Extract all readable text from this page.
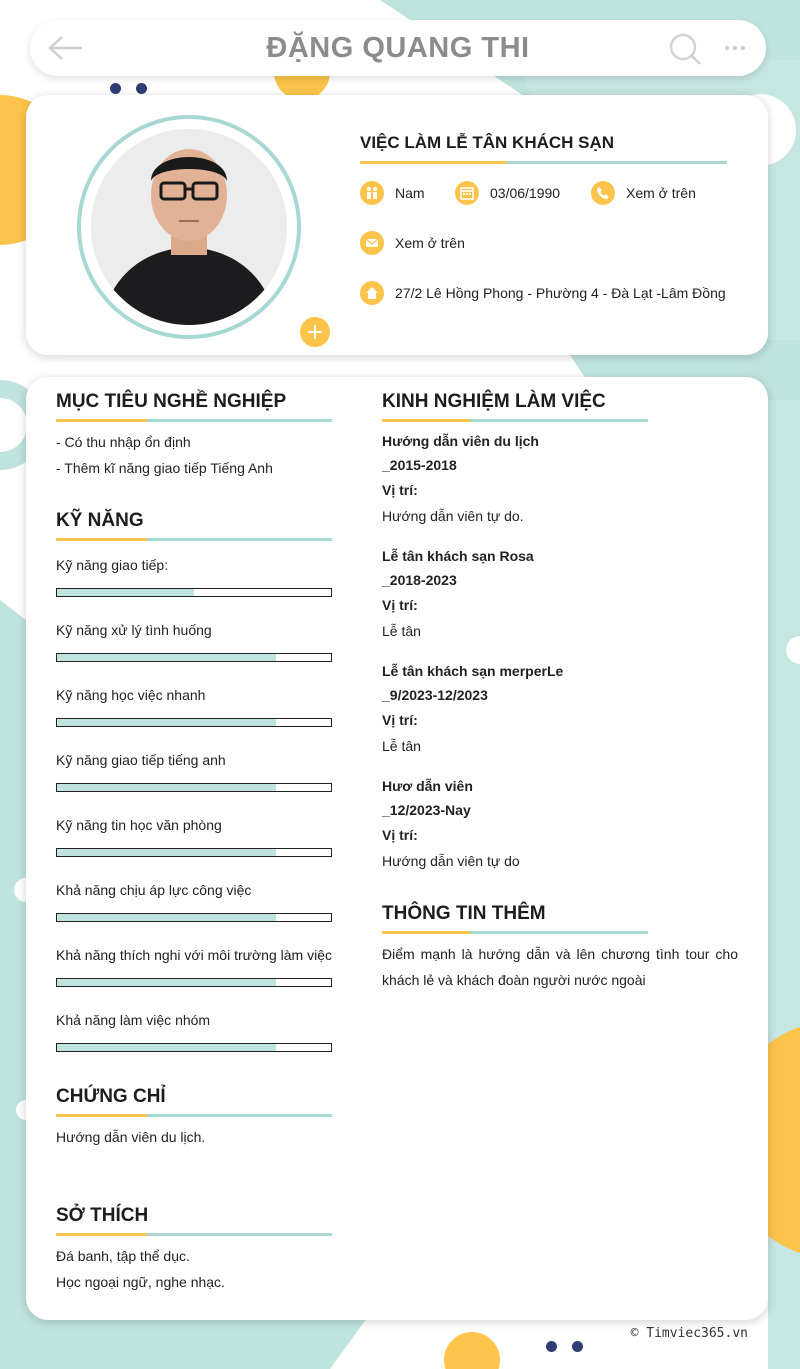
ĐẶNG QUANG THI
VIỆC LÀM LỄ TÂN KHÁCH SẠN
Nam	03/06/1990	Xem ở trên
Xem ở trên
27/2 Lê Hồng Phong - Phường 4 - Đà Lạt -Lâm Đồng
MỤC TIÊU NGHỀ NGHIỆP
- Có thu nhập ổn định
- Thêm kĩ năng giao tiếp Tiếng Anh
KỸ NĂNG
Kỹ năng giao tiếp:
Kỹ năng xử lý tình huống
Kỹ năng học việc nhanh
Kỹ năng giao tiếp tiếng anh
Kỹ năng tin học văn phòng
Khả năng chịu áp lực công việc
Khả năng thích nghi với môi trường làm việc
Khả năng làm việc nhóm
CHỨNG CHỈ
Hướng dẫn viên du lịch.
SỞ THÍCH
Đá banh, tập thể dục.
Học ngoại ngữ, nghe nhạc.
KINH NGHIỆM LÀM VIỆC
Hướng dẫn viên du lịch
_2015-2018
Vị trí:
Hướng dẫn viên tự do.
Lễ tân khách sạn Rosa
_2018-2023
Vị trí:
Lễ tân
Lễ tân khách sạn merperLe
_9/2023-12/2023
Vị trí:
Lễ tân
Hươ dẫn viên
_12/2023-Nay
Vị trí:
Hướng dẫn viên tự do
THÔNG TIN THÊM
Điểm mạnh là hướng dẫn và lên chương tình tour cho khách lẻ và khách đoàn người nước ngoài
© Timviec365.vn
